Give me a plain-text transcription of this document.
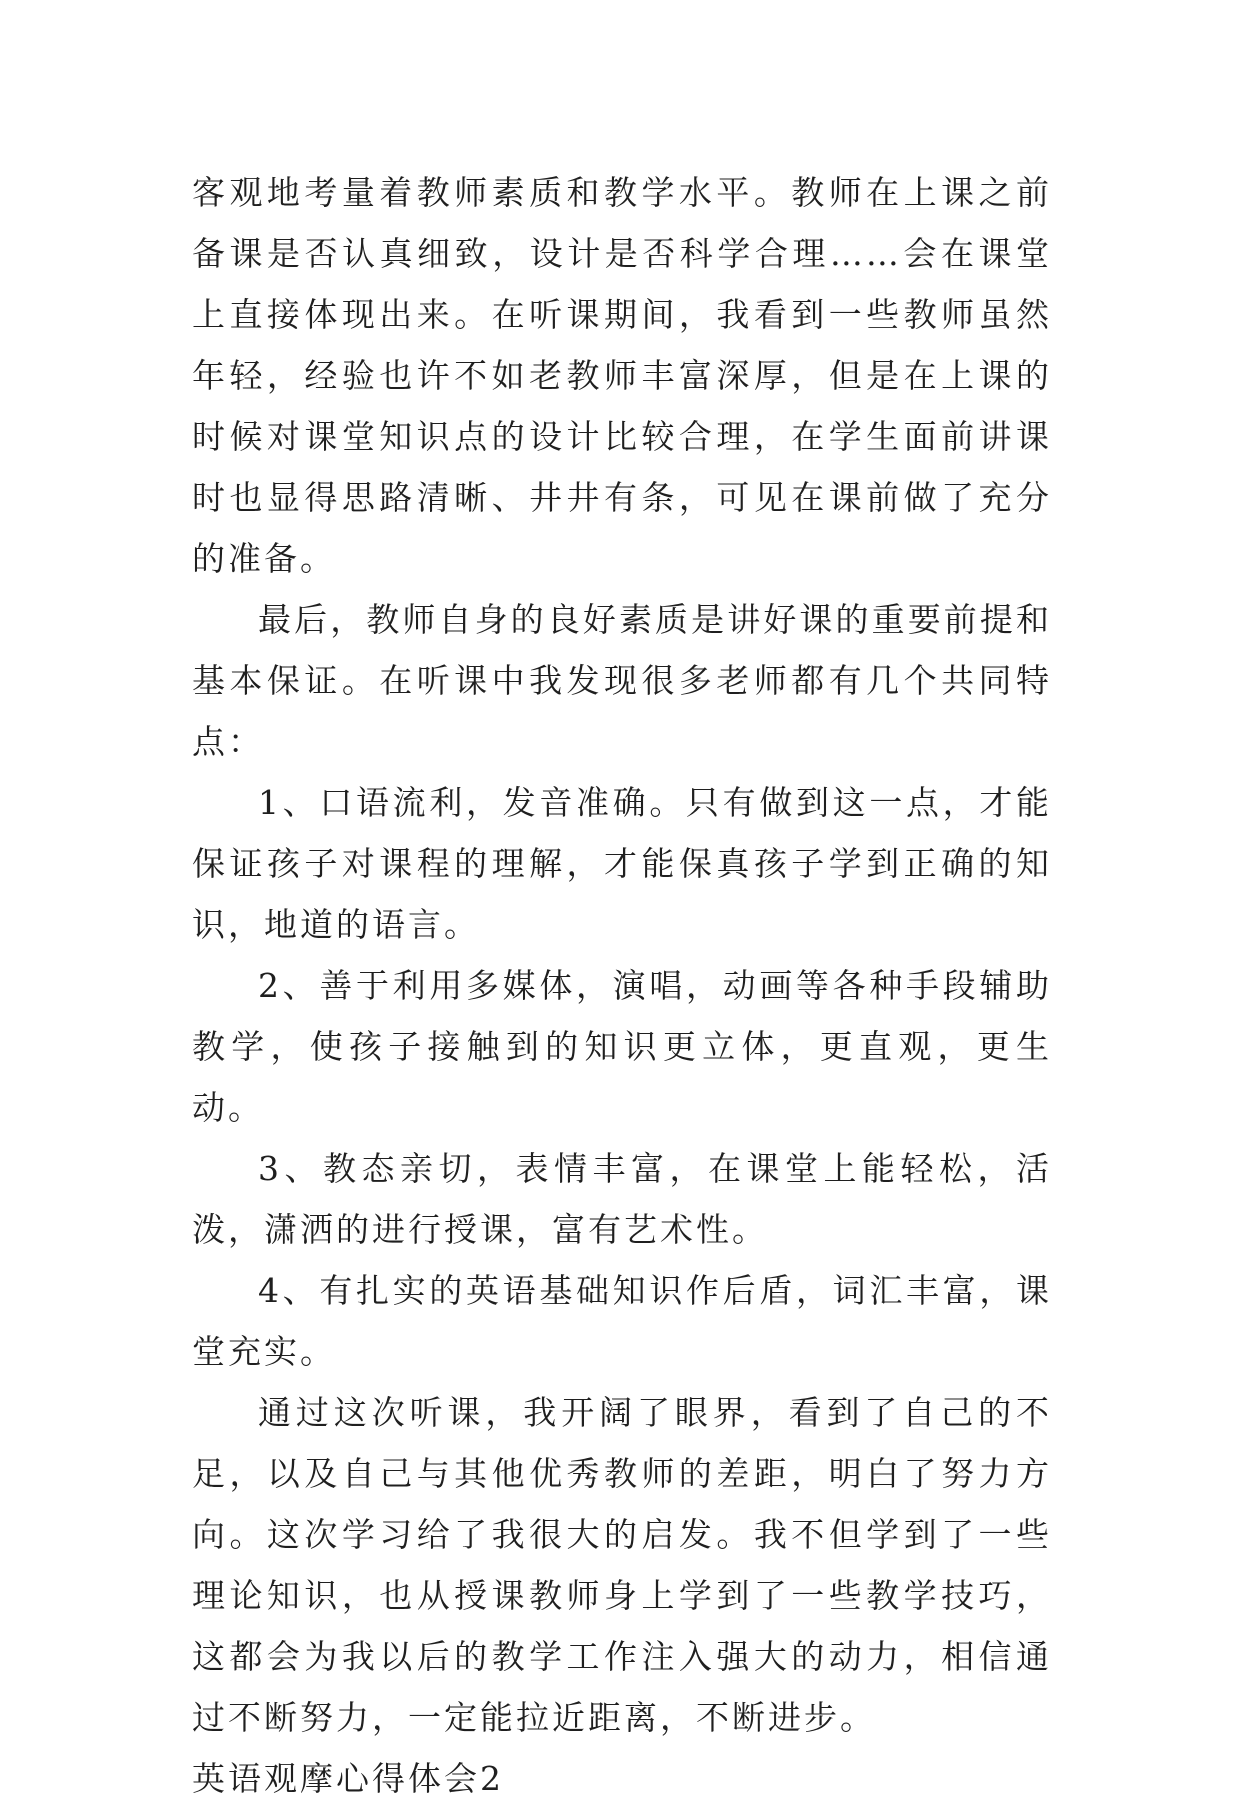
客观地考量着教师素质和教学水平。教师在上课之前备课是否认真细致，设计是否科学合理……会在课堂上直接体现出来。在听课期间，我看到一些教师虽然年轻，经验也许不如老教师丰富深厚，但是在上课的时候对课堂知识点的设计比较合理，在学生面前讲课时也显得思路清晰、井井有条，可见在课前做了充分的准备。

最后，教师自身的良好素质是讲好课的重要前提和基本保证。在听课中我发现很多老师都有几个共同特点：

1、口语流利，发音准确。只有做到这一点，才能保证孩子对课程的理解，才能保真孩子学到正确的知识，地道的语言。

2、善于利用多媒体，演唱，动画等各种手段辅助教学，使孩子接触到的知识更立体，更直观，更生动。

3、教态亲切，表情丰富，在课堂上能轻松，活泼，潇洒的进行授课，富有艺术性。

4、有扎实的英语基础知识作后盾，词汇丰富，课堂充实。

通过这次听课，我开阔了眼界，看到了自己的不足，以及自己与其他优秀教师的差距，明白了努力方向。这次学习给了我很大的启发。我不但学到了一些理论知识，也从授课教师身上学到了一些教学技巧，这都会为我以后的教学工作注入强大的动力，相信通过不断努力，一定能拉近距离，不断进步。

英语观摩心得体会2
